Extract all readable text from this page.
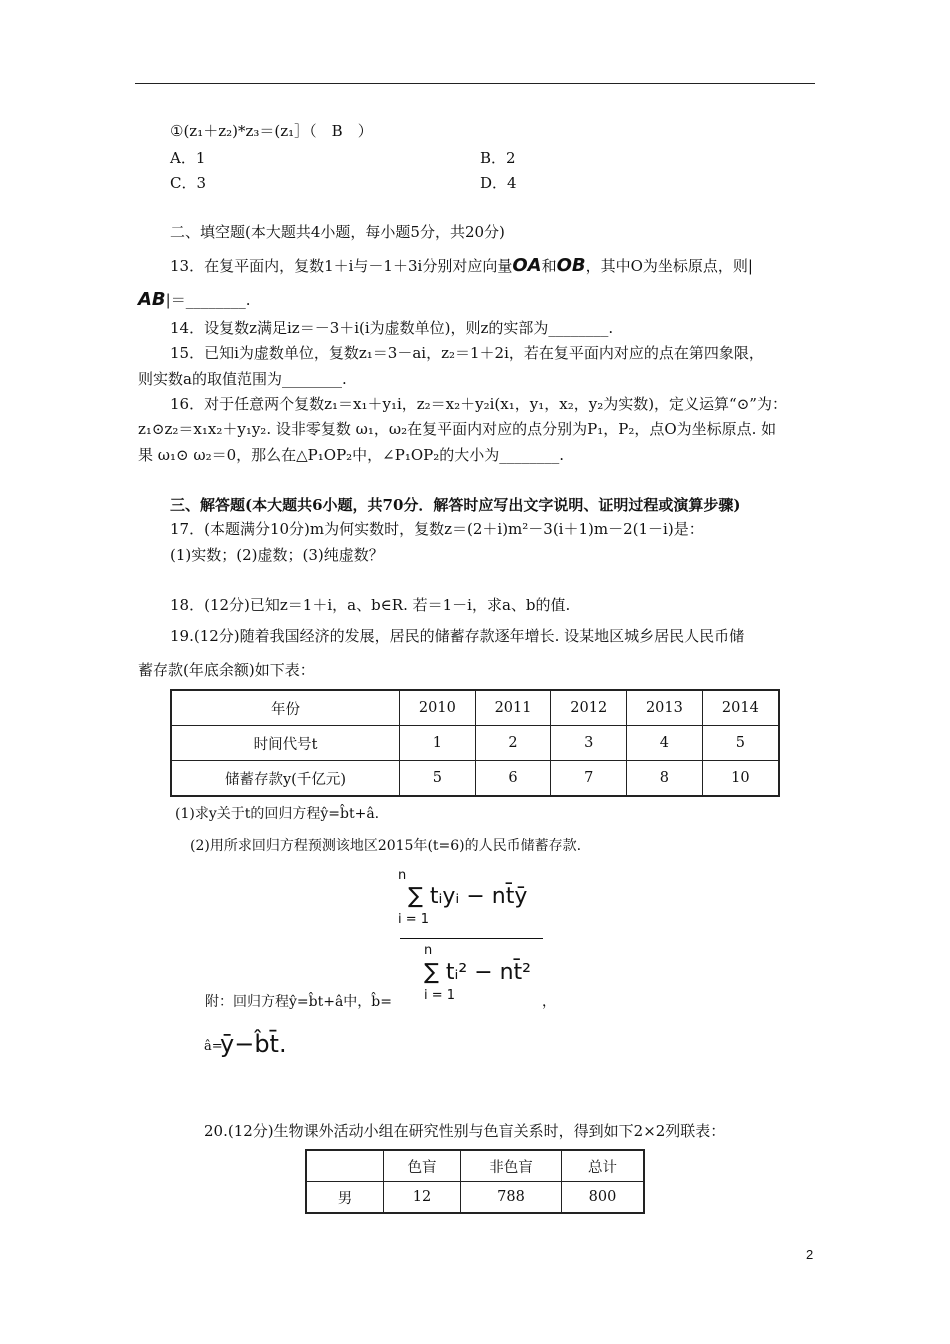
①(z₁＋z₂)*z₃＝(z₁］（　B　）
A．1	B．2
C．3	D．4
二、填空题(本大题共4小题，每小题5分，共20分)
13．在复平面内，复数1＋i与－1＋3i分别对应向量OA和OB，其中O为坐标原点，则|
AB|＝________.
14．设复数z满足iz＝－3＋i(i为虚数单位)，则z的实部为________.
15．已知i为虚数单位，复数z₁＝3－ai，z₂＝1＋2i，若在复平面内对应的点在第四象限，
则实数a的取值范围为________.
16．对于任意两个复数z₁＝x₁＋y₁i，z₂＝x₂＋y₂i(x₁，y₁，x₂，y₂为实数)，定义运算“⊙”为：
z₁⊙z₂＝x₁x₂＋y₁y₂. 设非零复数 ω₁，ω₂在复平面内对应的点分别为P₁，P₂，点O为坐标原点. 如
果 ω₁⊙ ω₂＝0，那么在△P₁OP₂中，∠P₁OP₂的大小为________.
三、解答题(本大题共6小题，共70分．解答时应写出文字说明、证明过程或演算步骤)
17．(本题满分10分)m为何实数时，复数z＝(2＋i)m²－3(i＋1)m－2(1－i)是：
(1)实数；(2)虚数；(3)纯虚数？
18．(12分)已知z＝1＋i，a、b∈R. 若＝1－i，求a、b的值.
19.(12分)随着我国经济的发展，居民的储蓄存款逐年增长. 设某地区城乡居民人民币储
蓄存款(年底余额)如下表：
年份	2010	2011	2012	2013	2014
时间代号t	1	2	3	4	5
储蓄存款y(千亿元)	5	6	7	8	10
(1)求y关于t的回归方程ŷ=b̂t+â.
(2)用所求回归方程预测该地区2015年(t=6)的人民币储蓄存款.
n
∑ tᵢyᵢ − nt̄ȳ
i = 1
n
∑ tᵢ² − nt̄²
i = 1
附：回归方程ŷ=b̂t+â中，b̂=	，
â=
ȳ−b̂t̄.
20.(12分)生物课外活动小组在研究性别与色盲关系时，得到如下2×2列联表：
	色盲	非色盲	总计
男	12	788	800
2
